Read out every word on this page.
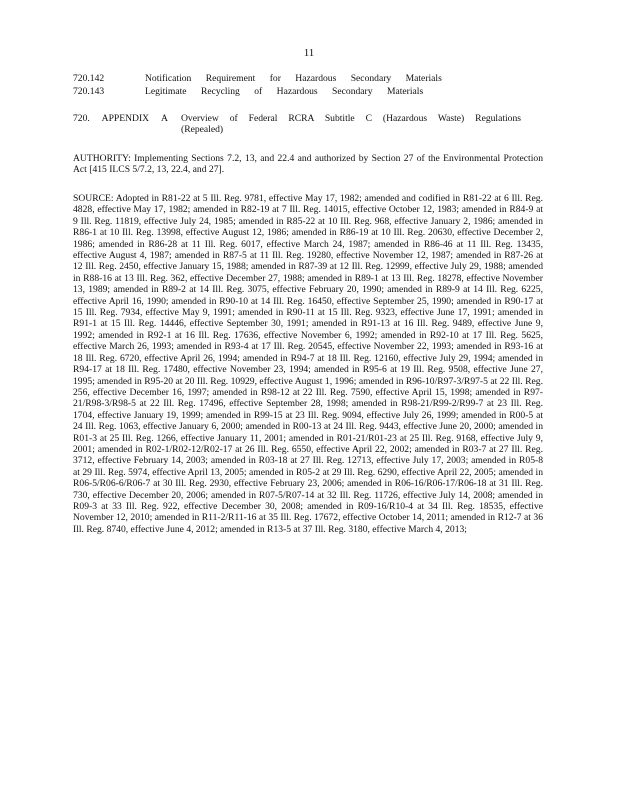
11
720.142	Notification Requirement for Hazardous Secondary Materials
720.143	Legitimate Recycling of Hazardous Secondary Materials
720. APPENDIX A	Overview of Federal RCRA Subtitle C (Hazardous Waste) Regulations
(Repealed)

AUTHORITY: Implementing Sections 7.2, 13, and 22.4 and authorized by Section 27 of the Environmental Protection Act [415 ILCS 5/7.2, 13, 22.4, and 27].

SOURCE: Adopted in R81-22 at 5 Ill. Reg. 9781, effective May 17, 1982; amended and codified in R81-22 at 6 Ill. Reg. 4828, effective May 17, 1982; amended in R82-19 at 7 Ill. Reg. 14015, effective October 12, 1983; amended in R84-9 at 9 Ill. Reg. 11819, effective July 24, 1985; amended in R85-22 at 10 Ill. Reg. 968, effective January 2, 1986; amended in R86-1 at 10 Ill. Reg. 13998, effective August 12, 1986; amended in R86-19 at 10 Ill. Reg. 20630, effective December 2, 1986; amended in R86-28 at 11 Ill. Reg. 6017, effective March 24, 1987; amended in R86-46 at 11 Ill. Reg. 13435, effective August 4, 1987; amended in R87-5 at 11 Ill. Reg. 19280, effective November 12, 1987; amended in R87-26 at 12 Ill. Reg. 2450, effective January 15, 1988; amended in R87-39 at 12 Ill. Reg. 12999, effective July 29, 1988; amended in R88-16 at 13 Ill. Reg. 362, effective December 27, 1988; amended in R89-1 at 13 Ill. Reg. 18278, effective November 13, 1989; amended in R89-2 at 14 Ill. Reg. 3075, effective February 20, 1990; amended in R89-9 at 14 Ill. Reg. 6225, effective April 16, 1990; amended in R90-10 at 14 Ill. Reg. 16450, effective September 25, 1990; amended in R90-17 at 15 Ill. Reg. 7934, effective May 9, 1991; amended in R90-11 at 15 Ill. Reg. 9323, effective June 17, 1991; amended in R91-1 at 15 Ill. Reg. 14446, effective September 30, 1991; amended in R91-13 at 16 Ill. Reg. 9489, effective June 9, 1992; amended in R92-1 at 16 Ill. Reg. 17636, effective November 6, 1992; amended in R92-10 at 17 Ill. Reg. 5625, effective March 26, 1993; amended in R93-4 at 17 Ill. Reg. 20545, effective November 22, 1993; amended in R93-16 at 18 Ill. Reg. 6720, effective April 26, 1994; amended in R94-7 at 18 Ill. Reg. 12160, effective July 29, 1994; amended in R94-17 at 18 Ill. Reg. 17480, effective November 23, 1994; amended in R95-6 at 19 Ill. Reg. 9508, effective June 27, 1995; amended in R95-20 at 20 Ill. Reg. 10929, effective August 1, 1996; amended in R96-10/R97-3/R97-5 at 22 Ill. Reg. 256, effective December 16, 1997; amended in R98-12 at 22 Ill. Reg. 7590, effective April 15, 1998; amended in R97-21/R98-3/R98-5 at 22 Ill. Reg. 17496, effective September 28, 1998; amended in R98-21/R99-2/R99-7 at 23 Ill. Reg. 1704, effective January 19, 1999; amended in R99-15 at 23 Ill. Reg. 9094, effective July 26, 1999; amended in R00-5 at 24 Ill. Reg. 1063, effective January 6, 2000; amended in R00-13 at 24 Ill. Reg. 9443, effective June 20, 2000; amended in R01-3 at 25 Ill. Reg. 1266, effective January 11, 2001; amended in R01-21/R01-23 at 25 Ill. Reg. 9168, effective July 9, 2001; amended in R02-1/R02-12/R02-17 at 26 Ill. Reg. 6550, effective April 22, 2002; amended in R03-7 at 27 Ill. Reg. 3712, effective February 14, 2003; amended in R03-18 at 27 Ill. Reg. 12713, effective July 17, 2003; amended in R05-8 at 29 Ill. Reg. 5974, effective April 13, 2005; amended in R05-2 at 29 Ill. Reg. 6290, effective April 22, 2005; amended in R06-5/R06-6/R06-7 at 30 Ill. Reg. 2930, effective February 23, 2006; amended in R06-16/R06-17/R06-18 at 31 Ill. Reg. 730, effective December 20, 2006; amended in R07-5/R07-14 at 32 Ill. Reg. 11726, effective July 14, 2008; amended in R09-3 at 33 Ill. Reg. 922, effective December 30, 2008; amended in R09-16/R10-4 at 34 Ill. Reg. 18535, effective November 12, 2010; amended in R11-2/R11-16 at 35 Ill. Reg. 17672, effective October 14, 2011; amended in R12-7 at 36 Ill. Reg. 8740, effective June 4, 2012; amended in R13-5 at 37 Ill. Reg. 3180, effective March 4, 2013;
